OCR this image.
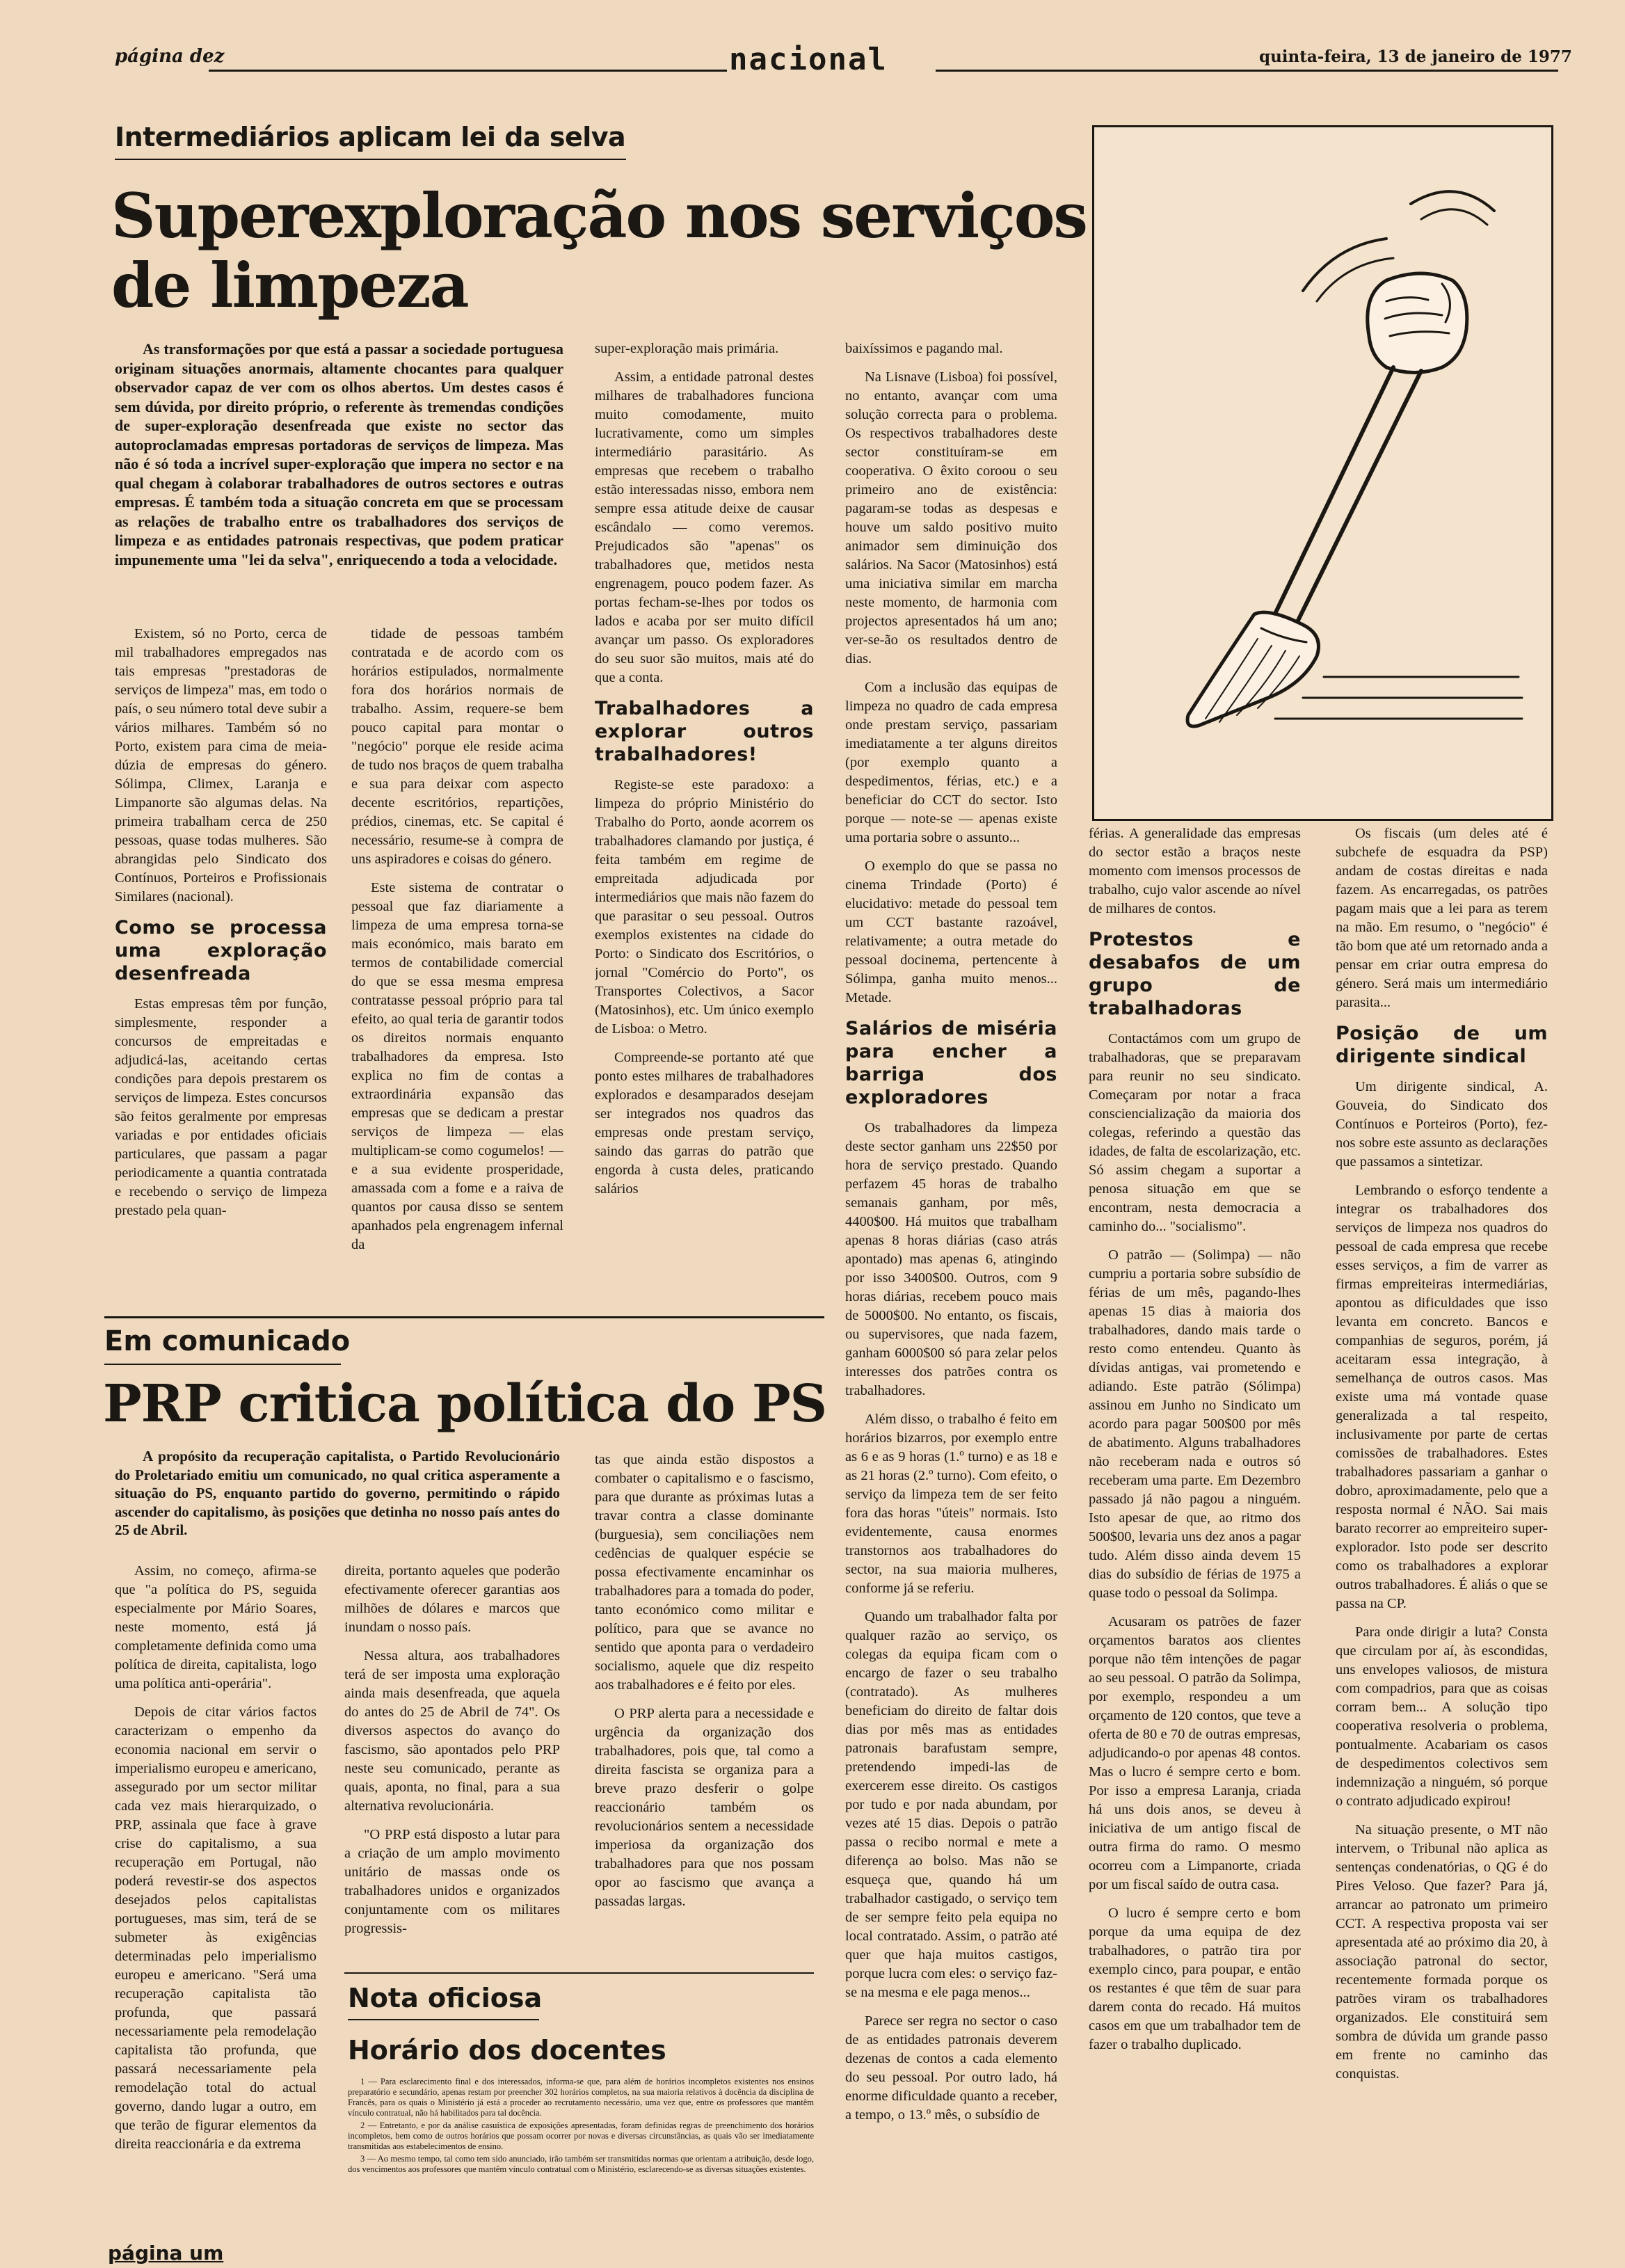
página dez	nacional	quinta-feira, 13 de janeiro de 1977
Intermediários aplicam lei da selva
Superexploração nos serviços
de limpeza

As transformações por que está a passar a sociedade portuguesa originam situações anormais, altamente chocantes para qualquer observador capaz de ver com os olhos abertos. Um destes casos é sem dúvida, por direito próprio, o referente às tremendas condições de super-exploração desenfreada que existe no sector das autoproclamadas empresas portadoras de serviços de limpeza. Mas não é só toda a incrível super-exploração que impera no sector e na qual chegam à colaborar trabalhadores de outros sectores e outras empresas. É também toda a situação concreta em que se processam as relações de trabalho entre os trabalhadores dos serviços de limpeza e as entidades patronais respectivas, que podem praticar impunemente uma "lei da selva", enriquecendo a toda a velocidade.

Existem, só no Porto, cerca de mil trabalhadores empregados nas tais empresas "prestadoras de serviços de limpeza" mas, em todo o país, o seu número total deve subir a vários milhares. Também só no Porto, existem para cima de meia-dúzia de empresas do género. Sólimpa, Climex, Laranja e Limpanorte são algumas delas. Na primeira trabalham cerca de 250 pessoas, quase todas mulheres. São abrangidas pelo Sindicato dos Contínuos, Porteiros e Profissionais Similares (nacional).

Como se processa uma exploração desenfreada

Estas empresas têm por função, simplesmente, responder a concursos de empreitadas e adjudicá-las, aceitando certas condições para depois prestarem os serviços de limpeza. Estes concursos são feitos geralmente por empresas variadas e por entidades oficiais particulares, que passam a pagar periodicamente a quantia contratada e recebendo o serviço de limpeza prestado pela quan-

tidade de pessoas também contratada e de acordo com os horários estipulados, normalmente fora dos horários normais de trabalho. Assim, requere-se bem pouco capital para montar o "negócio" porque ele reside acima de tudo nos braços de quem trabalha e sua para deixar com aspecto decente escritórios, repartições, prédios, cinemas, etc. Se capital é necessário, resume-se à compra de uns aspiradores e coisas do género.

Este sistema de contratar o pessoal que faz diariamente a limpeza de uma empresa torna-se mais económico, mais barato em termos de contabilidade comercial do que se essa mesma empresa contratasse pessoal próprio para tal efeito, ao qual teria de garantir todos os direitos normais enquanto trabalhadores da empresa. Isto explica no fim de contas a extraordinária expansão das empresas que se dedicam a prestar serviços de limpeza — elas multiplicam-se como cogumelos! — e a sua evidente prosperidade, amassada com a fome e a raiva de quantos por causa disso se sentem apanhados pela engrenagem infernal da

super-exploração mais primária.

Assim, a entidade patronal destes milhares de trabalhadores funciona muito comodamente, muito lucrativamente, como um simples intermediário parasitário. As empresas que recebem o trabalho estão interessadas nisso, embora nem sempre essa atitude deixe de causar escândalo — como veremos. Prejudicados são "apenas" os trabalhadores que, metidos nesta engrenagem, pouco podem fazer. As portas fecham-se-lhes por todos os lados e acaba por ser muito difícil avançar um passo. Os exploradores do seu suor são muitos, mais até do que a conta.

Trabalhadores a explorar outros trabalhadores!

Registe-se este paradoxo: a limpeza do próprio Ministério do Trabalho do Porto, aonde acorrem os trabalhadores clamando por justiça, é feita também em regime de empreitada adjudicada por intermediários que mais não fazem do que parasitar o seu pessoal. Outros exemplos existentes na cidade do Porto: o Sindicato dos Escritórios, o jornal "Comércio do Porto", os Transportes Colectivos, a Sacor (Matosinhos), etc. Um único exemplo de Lisboa: o Metro.

Compreende-se portanto até que ponto estes milhares de trabalhadores explorados e desamparados desejam ser integrados nos quadros das empresas onde prestam serviço, saindo das garras do patrão que engorda à custa deles, praticando salários

baixíssimos e pagando mal.

Na Lisnave (Lisboa) foi possível, no entanto, avançar com uma solução correcta para o problema. Os respectivos trabalhadores deste sector constituíram-se em cooperativa. O êxito coroou o seu primeiro ano de existência: pagaram-se todas as despesas e houve um saldo positivo muito animador sem diminuição dos salários. Na Sacor (Matosinhos) está uma iniciativa similar em marcha neste momento, de harmonia com projectos apresentados há um ano; ver-se-ão os resultados dentro de dias.

Com a inclusão das equipas de limpeza no quadro de cada empresa onde prestam serviço, passariam imediatamente a ter alguns direitos (por exemplo quanto a despedimentos, férias, etc.) e a beneficiar do CCT do sector. Isto porque — note-se — apenas existe uma portaria sobre o assunto...

O exemplo do que se passa no cinema Trindade (Porto) é elucidativo: metade do pessoal tem um CCT bastante razoável, relativamente; a outra metade do pessoal docinema, pertencente à Sólimpa, ganha muito menos... Metade.

Salários de miséria para encher a barriga dos exploradores

Os trabalhadores da limpeza deste sector ganham uns 22$50 por hora de serviço prestado. Quando perfazem 45 horas de trabalho semanais ganham, por mês, 4400$00. Há muitos que trabalham apenas 8 horas diárias (caso atrás apontado) mas apenas 6, atingindo por isso 3400$00. Outros, com 9 horas diárias, recebem pouco mais de 5000$00. No entanto, os fiscais, ou supervisores, que nada fazem, ganham 6000$00 só para zelar pelos interesses dos patrões contra os trabalhadores.

Além disso, o trabalho é feito em horários bizarros, por exemplo entre as 6 e as 9 horas (1.º turno) e as 18 e as 21 horas (2.º turno). Com efeito, o serviço da limpeza tem de ser feito fora das horas "úteis" normais. Isto evidentemente, causa enormes transtornos aos trabalhadores do sector, na sua maioria mulheres, conforme já se referiu.

Quando um trabalhador falta por qualquer razão ao serviço, os colegas da equipa ficam com o encargo de fazer o seu trabalho (contratado). As mulheres beneficiam do direito de faltar dois dias por mês mas as entidades patronais barafustam sempre, pretendendo impedi-las de exercerem esse direito. Os castigos por tudo e por nada abundam, por vezes até 15 dias. Depois o patrão passa o recibo normal e mete a diferença ao bolso. Mas não se esqueça que, quando há um trabalhador castigado, o serviço tem de ser sempre feito pela equipa no local contratado. Assim, o patrão até quer que haja muitos castigos, porque lucra com eles: o serviço faz-se na mesma e ele paga menos...

Parece ser regra no sector o caso de as entidades patronais deverem dezenas de contos a cada elemento do seu pessoal. Por outro lado, há enorme dificuldade quanto a receber, a tempo, o 13.º mês, o subsídio de

férias. A generalidade das empresas do sector estão a braços neste momento com imensos processos de trabalho, cujo valor ascende ao nível de milhares de contos.

Protestos e desabafos de um grupo de trabalhadoras

Contactámos com um grupo de trabalhadoras, que se preparavam para reunir no seu sindicato. Começaram por notar a fraca consciencialização da maioria dos colegas, referindo a questão das idades, de falta de escolarização, etc. Só assim chegam a suportar a penosa situação em que se encontram, nesta democracia a caminho do... "socialismo".

O patrão — (Solimpa) — não cumpriu a portaria sobre subsídio de férias de um mês, pagando-lhes apenas 15 dias à maioria dos trabalhadores, dando mais tarde o resto como entendeu. Quanto às dívidas antigas, vai prometendo e adiando. Este patrão (Sólimpa) assinou em Junho no Sindicato um acordo para pagar 500$00 por mês de abatimento. Alguns trabalhadores não receberam nada e outros só receberam uma parte. Em Dezembro passado já não pagou a ninguém. Isto apesar de que, ao ritmo dos 500$00, levaria uns dez anos a pagar tudo. Além disso ainda devem 15 dias do subsídio de férias de 1975 a quase todo o pessoal da Solimpa.

Acusaram os patrões de fazer orçamentos baratos aos clientes porque não têm intenções de pagar ao seu pessoal. O patrão da Solimpa, por exemplo, respondeu a um orçamento de 120 contos, que teve a oferta de 80 e 70 de outras empresas, adjudicando-o por apenas 48 contos. Mas o lucro é sempre certo e bom. Por isso a empresa Laranja, criada há uns dois anos, se deveu à iniciativa de um antigo fiscal de outra firma do ramo. O mesmo ocorreu com a Limpanorte, criada por um fiscal saído de outra casa.

O lucro é sempre certo e bom porque da uma equipa de dez trabalhadores, o patrão tira por exemplo cinco, para poupar, e então os restantes é que têm de suar para darem conta do recado. Há muitos casos em que um trabalhador tem de fazer o trabalho duplicado.

Os fiscais (um deles até é subchefe de esquadra da PSP) andam de costas direitas e nada fazem. As encarregadas, os patrões pagam mais que a lei para as terem na mão. Em resumo, o "negócio" é tão bom que até um retornado anda a pensar em criar outra empresa do género. Será mais um intermediário parasita...

Posição de um dirigente sindical

Um dirigente sindical, A. Gouveia, do Sindicato dos Contínuos e Porteiros (Porto), fez-nos sobre este assunto as declarações que passamos a sintetizar.

Lembrando o esforço tendente a integrar os trabalhadores dos serviços de limpeza nos quadros do pessoal de cada empresa que recebe esses serviços, a fim de varrer as firmas empreiteiras intermediárias, apontou as dificuldades que isso levanta em concreto. Bancos e companhias de seguros, porém, já aceitaram essa integração, à semelhança de outros casos. Mas existe uma má vontade quase generalizada a tal respeito, inclusivamente por parte de certas comissões de trabalhadores. Estes trabalhadores passariam a ganhar o dobro, aproximadamente, pelo que a resposta normal é NÃO. Sai mais barato recorrer ao empreiteiro super-explorador. Isto pode ser descrito como os trabalhadores a explorar outros trabalhadores. É aliás o que se passa na CP.

Para onde dirigir a luta? Consta que circulam por aí, às escondidas, uns envelopes valiosos, de mistura com compadrios, para que as coisas corram bem... A solução tipo cooperativa resolveria o problema, pontualmente. Acabariam os casos de despedimentos colectivos sem indemnização a ninguém, só porque o contrato adjudicado expirou!

Na situação presente, o MT não intervem, o Tribunal não aplica as sentenças condenatórias, o QG é do Pires Veloso. Que fazer? Para já, arrancar ao patronato um primeiro CCT. A respectiva proposta vai ser apresentada até ao próximo dia 20, à associação patronal do sector, recentemente formada porque os patrões viram os trabalhadores organizados. Ele constituirá sem sombra de dúvida um grande passo em frente no caminho das conquistas.

Em comunicado
PRP critica política do PS

A propósito da recuperação capitalista, o Partido Revolucionário do Proletariado emitiu um comunicado, no qual critica asperamente a situação do PS, enquanto partido do governo, permitindo o rápido ascender do capitalismo, às posições que detinha no nosso país antes do 25 de Abril.

Assim, no começo, afirma-se que "a política do PS, seguida especialmente por Mário Soares, neste momento, está já completamente definida como uma política de direita, capitalista, logo uma política anti-operária".

Depois de citar vários factos caracterizam o empenho da economia nacional em servir o imperialismo europeu e americano, assegurado por um sector militar cada vez mais hierarquizado, o PRP, assinala que face à grave crise do capitalismo, a sua recuperação em Portugal, não poderá revestir-se dos aspectos desejados pelos capitalistas portugueses, mas sim, terá de se submeter às exigências determinadas pelo imperialismo europeu e americano. "Será uma recuperação capitalista tão profunda, que passará necessariamente pela remodelação capitalista tão profunda, que passará necessariamente pela remodelação total do actual governo, dando lugar a outro, em que terão de figurar elementos da direita reaccionária e da extrema

direita, portanto aqueles que poderão efectivamente oferecer garantias aos milhões de dólares e marcos que inundam o nosso país.

Nessa altura, aos trabalhadores terá de ser imposta uma exploração ainda mais desenfreada, que aquela do antes do 25 de Abril de 74". Os diversos aspectos do avanço do fascismo, são apontados pelo PRP neste seu comunicado, perante as quais, aponta, no final, para a sua alternativa revolucionária.

"O PRP está disposto a lutar para a criação de um amplo movimento unitário de massas onde os trabalhadores unidos e organizados conjuntamente com os militares progressis-

tas que ainda estão dispostos a combater o capitalismo e o fascismo, para que durante as próximas lutas a travar contra a classe dominante (burguesia), sem conciliações nem cedências de qualquer espécie se possa efectivamente encaminhar os trabalhadores para a tomada do poder, tanto económico como militar e político, para que se avance no sentido que aponta para o verdadeiro socialismo, aquele que diz respeito aos trabalhadores e é feito por eles.

O PRP alerta para a necessidade e urgência da organização dos trabalhadores, pois que, tal como a direita fascista se organiza para a breve prazo desferir o golpe reaccionário também os revolucionários sentem a necessidade imperiosa da organização dos trabalhadores para que nos possam opor ao fascismo que avança a passadas largas.

Nota oficiosa
Horário dos docentes

1 — Para esclarecimento final e dos interessados, informa-se que, para além de horários incompletos existentes nos ensinos preparatório e secundário, apenas restam por preencher 302 horários completos, na sua maioria relativos à docência da disciplina de Francês, para os quais o Ministério já está a proceder ao recrutamento necessário, uma vez que, entre os professores que mantêm vínculo contratual, não há habilitados para tal docência.

2 — Entretanto, e por da análise casuística de exposições apresentadas, foram definidas regras de preenchimento dos horários incompletos, bem como de outros horários que possam ocorrer por novas e diversas circunstâncias, as quais vão ser imediatamente transmitidas aos estabelecimentos de ensino.

3 — Ao mesmo tempo, tal como tem sido anunciado, irão também ser transmitidas normas que orientam a atribuição, desde logo, dos vencimentos aos professores que mantêm vínculo contratual com o Ministério, esclarecendo-se as diversas situações existentes.

página um
